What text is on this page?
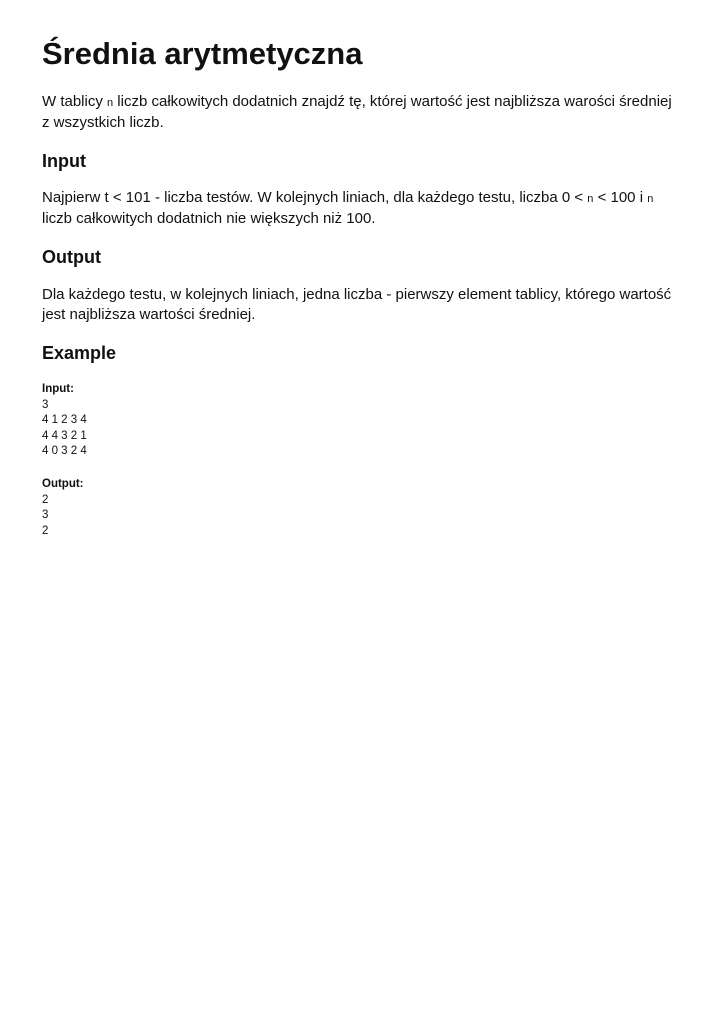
Średnia arytmetyczna

W tablicy n liczb całkowitych dodatnich znajdź tę, której wartość jest najbliższa warości średniej z wszystkich liczb.

Input

Najpierw t < 101 - liczba testów. W kolejnych liniach, dla każdego testu, liczba 0 < n < 100 i n liczb całkowitych dodatnich nie większych niż 100.

Output

Dla każdego testu, w kolejnych liniach, jedna liczba - pierwszy element tablicy, którego wartość jest najbliższa wartości średniej.

Example
Input:
3
4 1 2 3 4
4 4 3 2 1
4 0 3 2 4
Output:
2
3
2
